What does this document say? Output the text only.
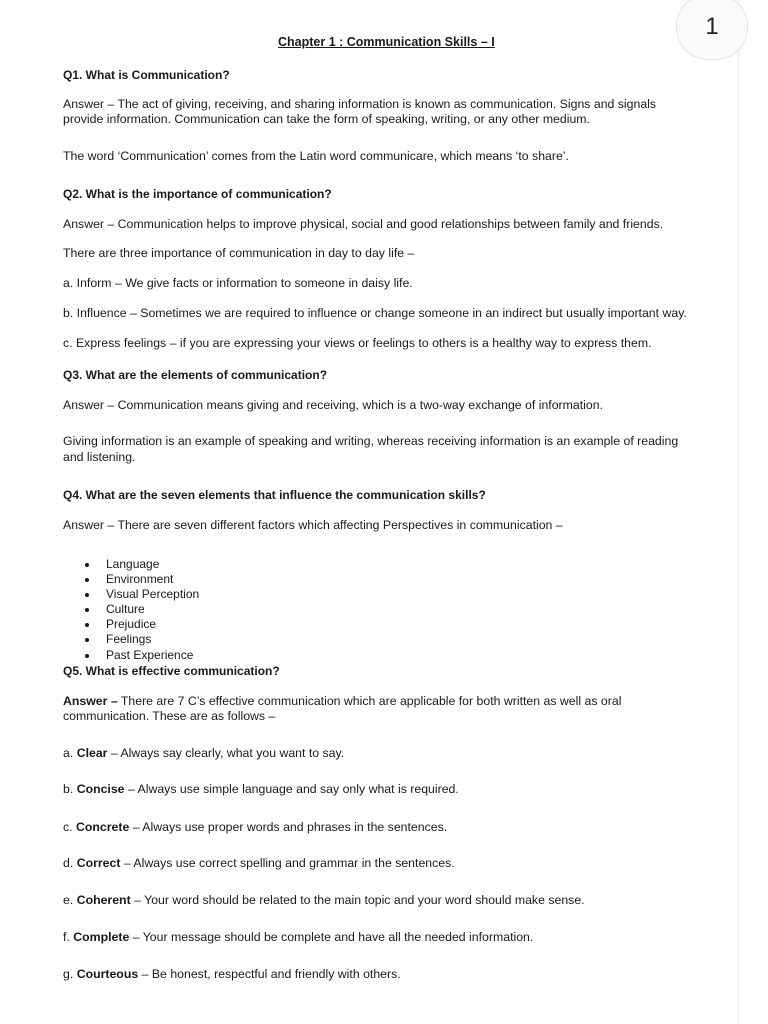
Chapter 1 : Communication Skills – I

Q1. What is Communication?

Answer – The act of giving, receiving, and sharing information is known as communication. Signs and signals

provide information. Communication can take the form of speaking, writing, or any other medium.

The word ‘Communication’ comes from the Latin word communicare, which means ‘to share’.

Q2. What is the importance of communication?

Answer – Communication helps to improve physical, social and good relationships between family and friends.

There are three importance of communication in day to day life –

a. Inform – We give facts or information to someone in daisy life.

b. Influence – Sometimes we are required to influence or change someone in an indirect but usually important way.

c. Express feelings – if you are expressing your views or feelings to others is a healthy way to express them.

Q3. What are the elements of communication?

Answer – Communication means giving and receiving, which is a two-way exchange of information.

Giving information is an example of speaking and writing, whereas receiving information is an example of reading

and listening.

Q4. What are the seven elements that influence the communication skills?

Answer – There are seven different factors which affecting Perspectives in communication –

Language
Environment
Visual Perception
Culture
Prejudice
Feelings
Past Experience

Q5. What is effective communication?

Answer – There are 7 C’s effective communication which are applicable for both written as well as oral

communication. These are as follows –

a. Clear – Always say clearly, what you want to say.

b. Concise – Always use simple language and say only what is required.

c. Concrete – Always use proper words and phrases in the sentences.

d. Correct – Always use correct spelling and grammar in the sentences.

e. Coherent – Your word should be related to the main topic and your word should make sense.

f. Complete – Your message should be complete and have all the needed information.

g. Courteous – Be honest, respectful and friendly with others.

1
